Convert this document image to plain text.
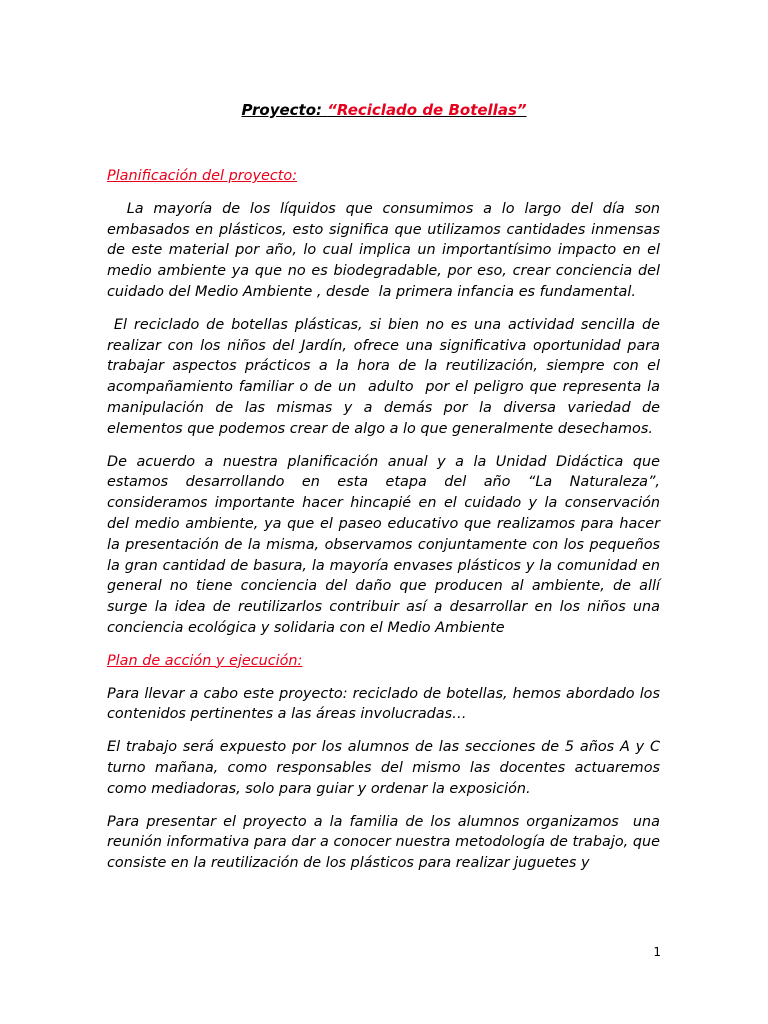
Proyecto: “Reciclado de Botellas”

Planificación del proyecto:

La mayoría de los líquidos que consumimos a lo largo del día son embasados en plásticos, esto significa que utilizamos cantidades inmensas  de este material por año, lo cual implica un importantísimo impacto en el medio ambiente ya que no es biodegradable, por eso, crear conciencia del cuidado del Medio Ambiente , desde  la primera infancia es fundamental.

El reciclado de botellas plásticas, si bien no es una actividad sencilla de realizar con los niños del Jardín, ofrece una significativa oportunidad para trabajar aspectos prácticos a la hora de la reutilización, siempre con el acompañamiento familiar o de un  adulto  por el peligro que representa la manipulación de las mismas y a demás por la diversa variedad de elementos que podemos crear de algo a lo que generalmente desechamos.

De acuerdo a nuestra planificación anual y a la Unidad Didáctica que estamos desarrollando en esta etapa del año “La Naturaleza”, consideramos importante hacer hincapié en el cuidado y la conservación del medio ambiente, ya que el paseo educativo que realizamos para hacer la presentación de la misma, observamos conjuntamente con los pequeños la gran cantidad de basura, la mayoría envases plásticos y la comunidad en general no tiene conciencia del daño que producen al ambiente, de allí surge la idea de reutilizarlos contribuir así a desarrollar en los niños una conciencia ecológica y solidaria con el Medio Ambiente

Plan de acción y ejecución:

Para llevar a cabo este proyecto: reciclado de botellas, hemos abordado los contenidos pertinentes a las áreas involucradas…

El trabajo será expuesto por los alumnos de las secciones de 5 años A y C turno mañana, como responsables del mismo las docentes actuaremos como mediadoras, solo para guiar y ordenar la exposición.

Para presentar el proyecto a la familia de los alumnos organizamos  una reunión informativa para dar a conocer nuestra metodología de trabajo, que consiste en la reutilización de los plásticos para realizar juguetes y

1
